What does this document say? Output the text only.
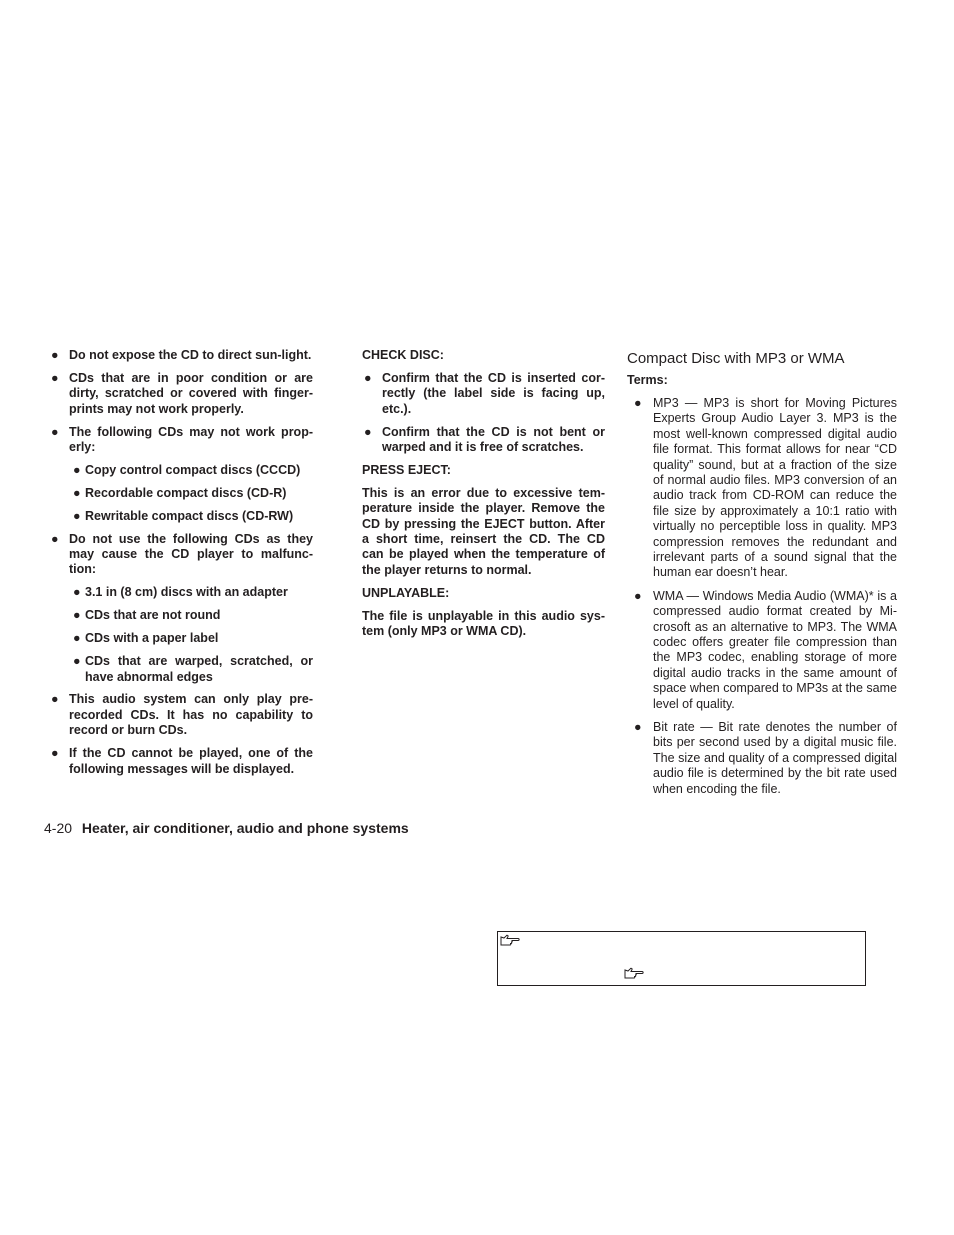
● Do not expose the CD to direct sun-light.
● CDs that are in poor condition or are dirty, scratched or covered with finger-prints may not work properly.
● The following CDs may not work prop-erly:
● Copy control compact discs (CCCD)
● Recordable compact discs (CD-R)
● Rewritable compact discs (CD-RW)
● Do not use the following CDs as they may cause the CD player to malfunc-tion:
● 3.1 in (8 cm) discs with an adapter
● CDs that are not round
● CDs with a paper label
● CDs that are warped, scratched, or have abnormal edges
● This audio system can only play pre-recorded CDs. It has no capability to record or burn CDs.
● If the CD cannot be played, one of the following messages will be displayed.

CHECK DISC:

● Confirm that the CD is inserted cor-rectly (the label side is facing up, etc.).
● Confirm that the CD is not bent or warped and it is free of scratches.

PRESS EJECT:

This is an error due to excessive tem-perature inside the player. Remove the CD by pressing the EJECT button. After a short time, reinsert the CD. The CD can be played when the temperature of the player returns to normal.

UNPLAYABLE:

The file is unplayable in this audio sys-tem (only MP3 or WMA CD).

Compact Disc with MP3 or WMA

Terms:

● MP3 — MP3 is short for Moving Pictures Experts Group Audio Layer 3. MP3 is the most well-known compressed digital audio file format. This format allows for near “CD quality” sound, but at a fraction of the size of normal audio files. MP3 conversion of an audio track from CD-ROM can reduce the file size by approximately a 10:1 ratio with virtually no perceptible loss in quality. MP3 compression removes the redundant and irrelevant parts of a sound signal that the human ear doesn’t hear.
● WMA — Windows Media Audio (WMA)* is a compressed audio format created by Mi-crosoft as an alternative to MP3. The WMA codec offers greater file compression than the MP3 codec, enabling storage of more digital audio tracks in the same amount of space when compared to MP3s at the same level of quality.
● Bit rate — Bit rate denotes the number of bits per second used by a digital music file. The size and quality of a compressed digital audio file is determined by the bit rate used when encoding the file.
4-20 Heater, air conditioner, audio and phone systems
